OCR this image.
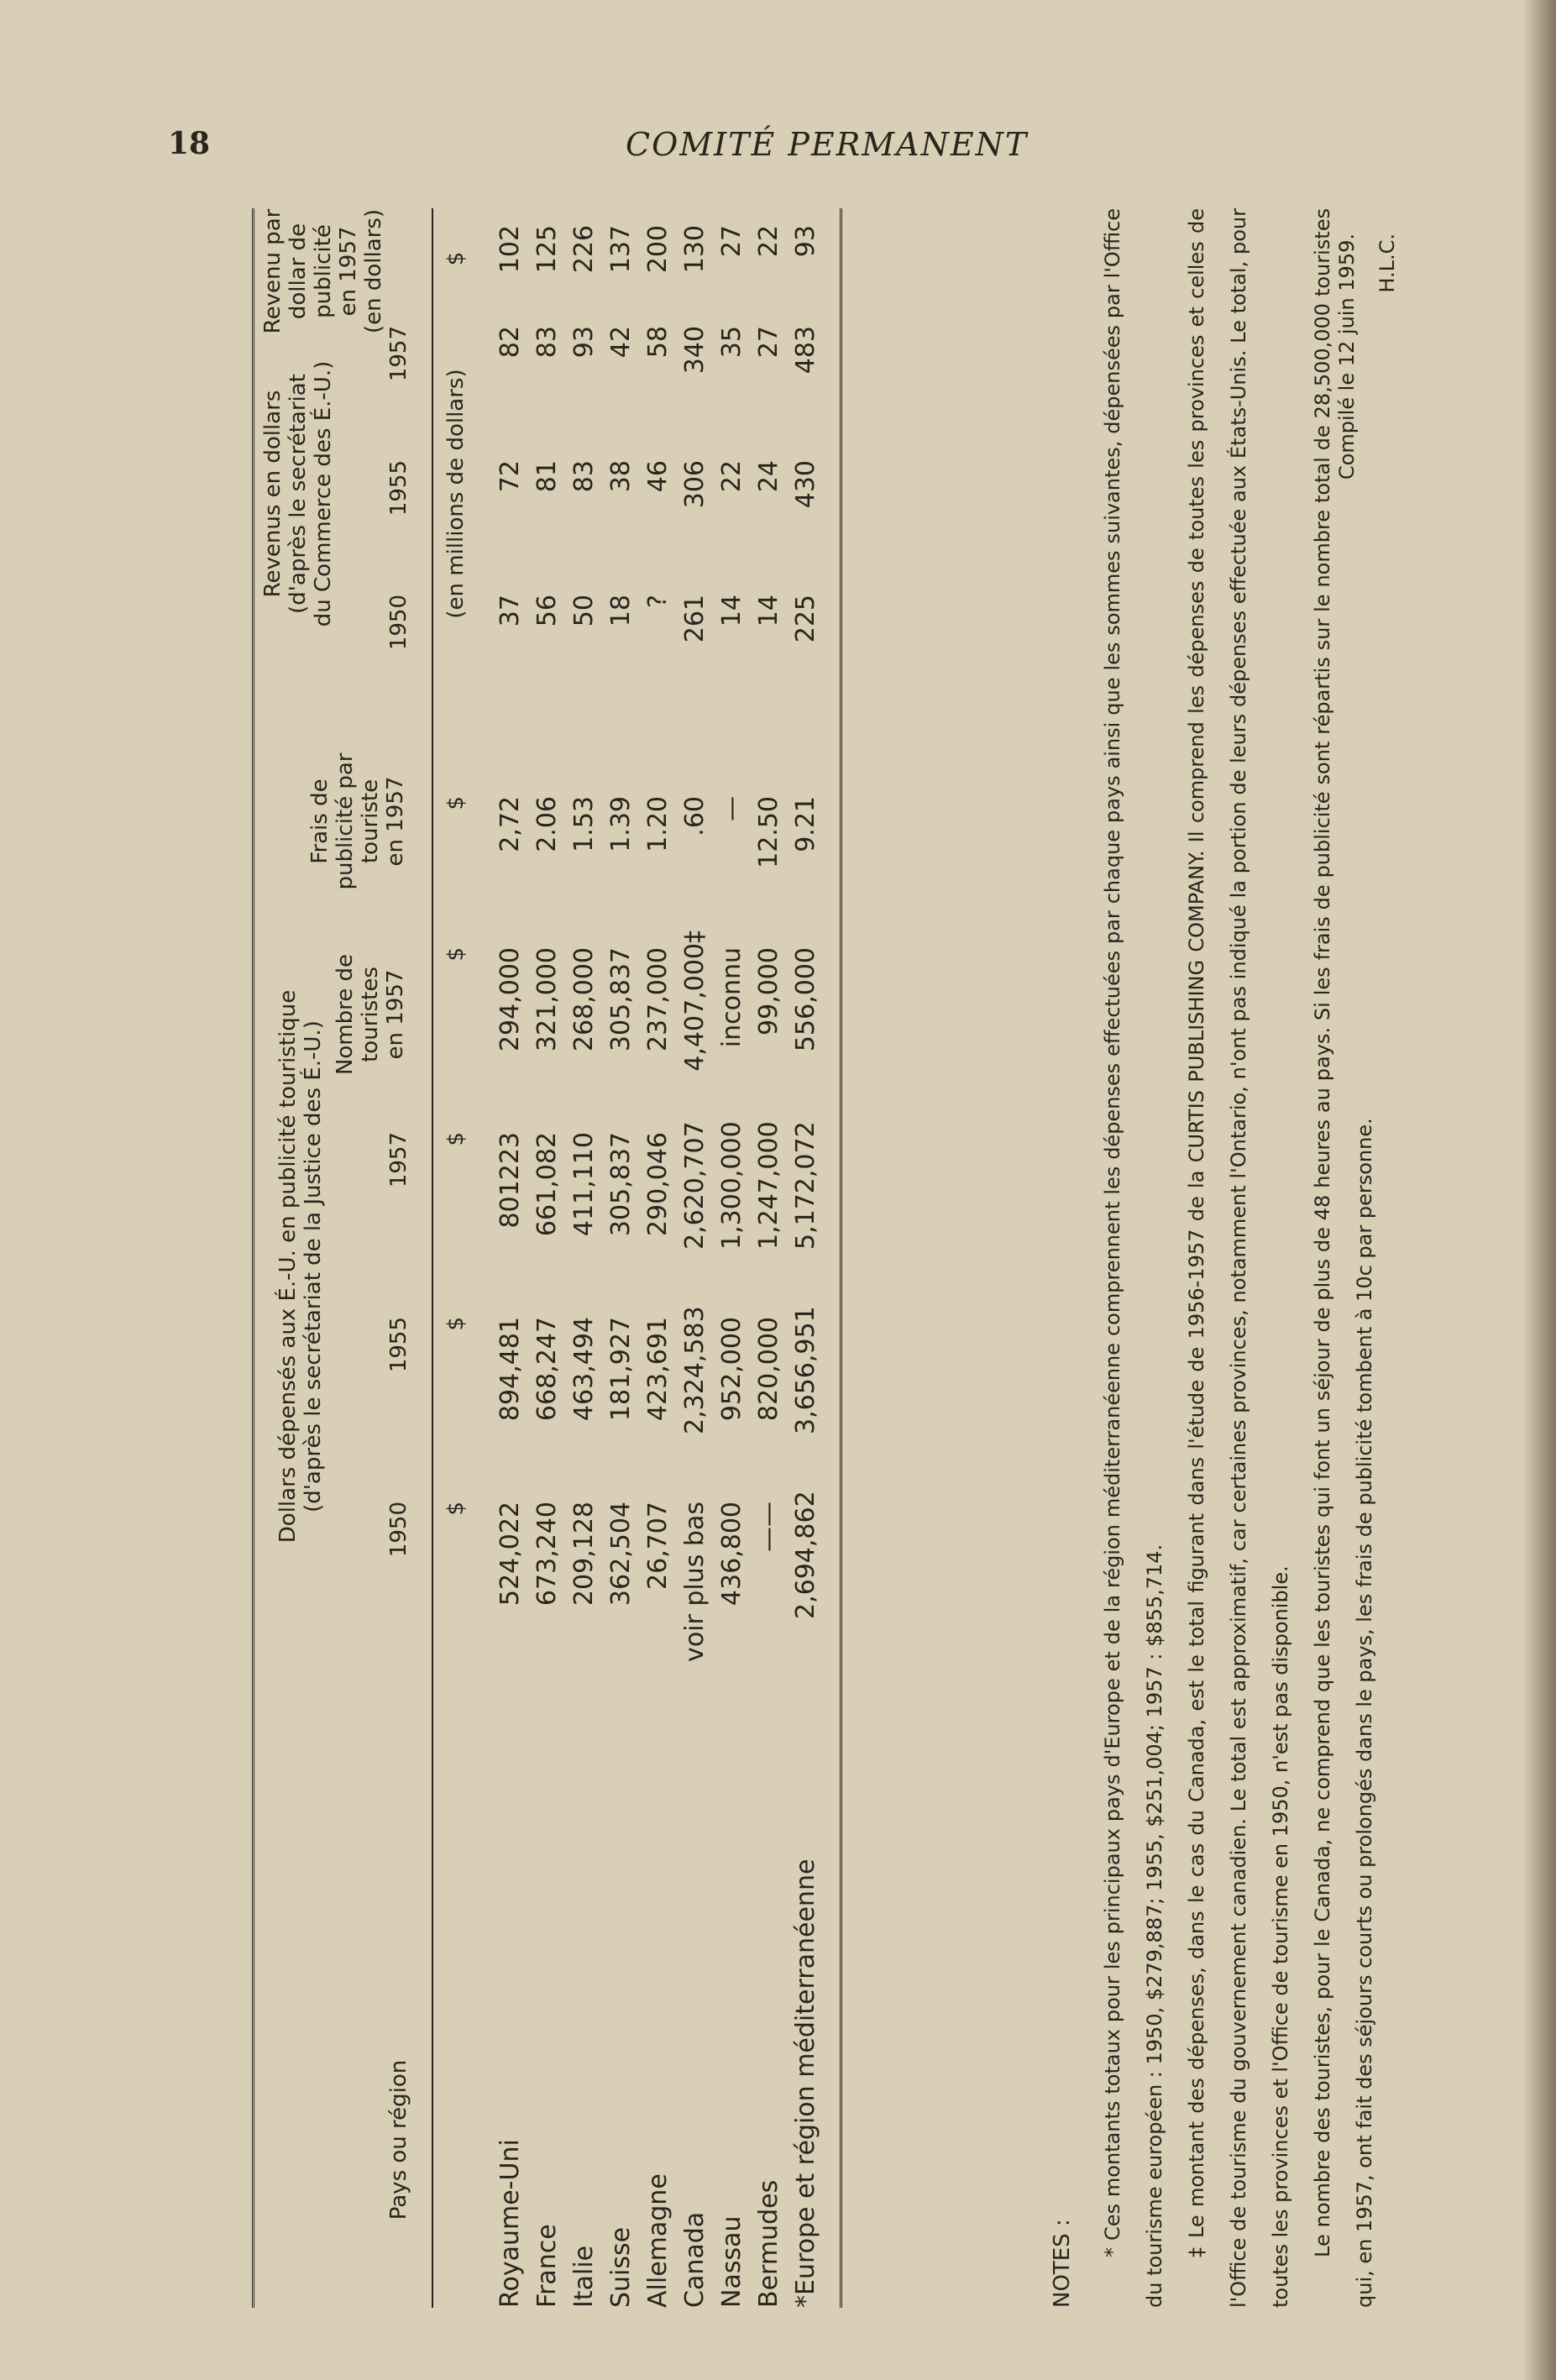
18	COMITÉ PERMANENT
Dollars dépensés aux É.-U. en publicité touristique (d'après le secrétariat de la Justice des É.-U.)
Revenus en dollars (d'après le secrétariat du Commerce des É.-U.)
Pays ou région
1950
1955
1957
Nombre de touristes en 1957
Frais de publicité par touriste en 1957
1950
1955
1957
Revenu par dollar de publicité en 1957 (en dollars)
$
$
$
$
$
(en millions de dollars)
$
Royaume-Uni
524,022
894,481
801223
294,000
2,72
37
72
82
102
France
673,240
668,247
661,082
321,000
2.06
56
81
83
125
Italie
209,128
463,494
411,110
268,000
1.53
50
83
93
226
Suisse
362,504
181,927
305,837
305,837
1.39
18
38
42
137
Allemagne
26,707
423,691
290,046
237,000
1.20
?
46
58
200
Canada
voir plus bas
2,324,583
2,620,707
4,407,000‡
.60
261
306
340
130
Nassau
436,800
952,000
1,300,000
inconnu
—
14
22
35
27
Bermudes
——
820,000
1,247,000
99,000
12.50
14
24
27
22
*Europe et région méditerranéenne
2,694,862
3,656,951
5,172,072
556,000
9.21
225
430
483
93

NOTES :

* Ces montants totaux pour les principaux pays d'Europe et de la région méditerranéenne comprennent les dépenses effectuées par chaque pays ainsi que les sommes suivantes, dépensées par l'Office du tourisme européen : 1950, $279,887; 1955, $251,004; 1957 : $855,714. ‡ Le montant des dépenses, dans le cas du Canada, est le total figurant dans l'étude de 1956-1957 de la CURTIS PUBLISHING COMPANY. Il comprend les dépenses de toutes les provinces et celles de l'Office de tourisme du gouvernement canadien. Le total est approximatif, car certaines provinces, notamment l'Ontario, n'ont pas indiqué la portion de leurs dépenses effectuée aux États-Unis. Le total, pour toutes les provinces et l'Office de tourisme en 1950, n'est pas disponible. Le nombre des touristes, pour le Canada, ne comprend que les touristes qui font un séjour de plus de 48 heures au pays. Si les frais de publicité sont répartis sur le nombre total de 28,500,000 touristes qui, en 1957, ont fait des séjours courts ou prolongés dans le pays, les frais de publicité tombent à 10c par personne.

Compilé le 12 juin 1959. H.L.C.
